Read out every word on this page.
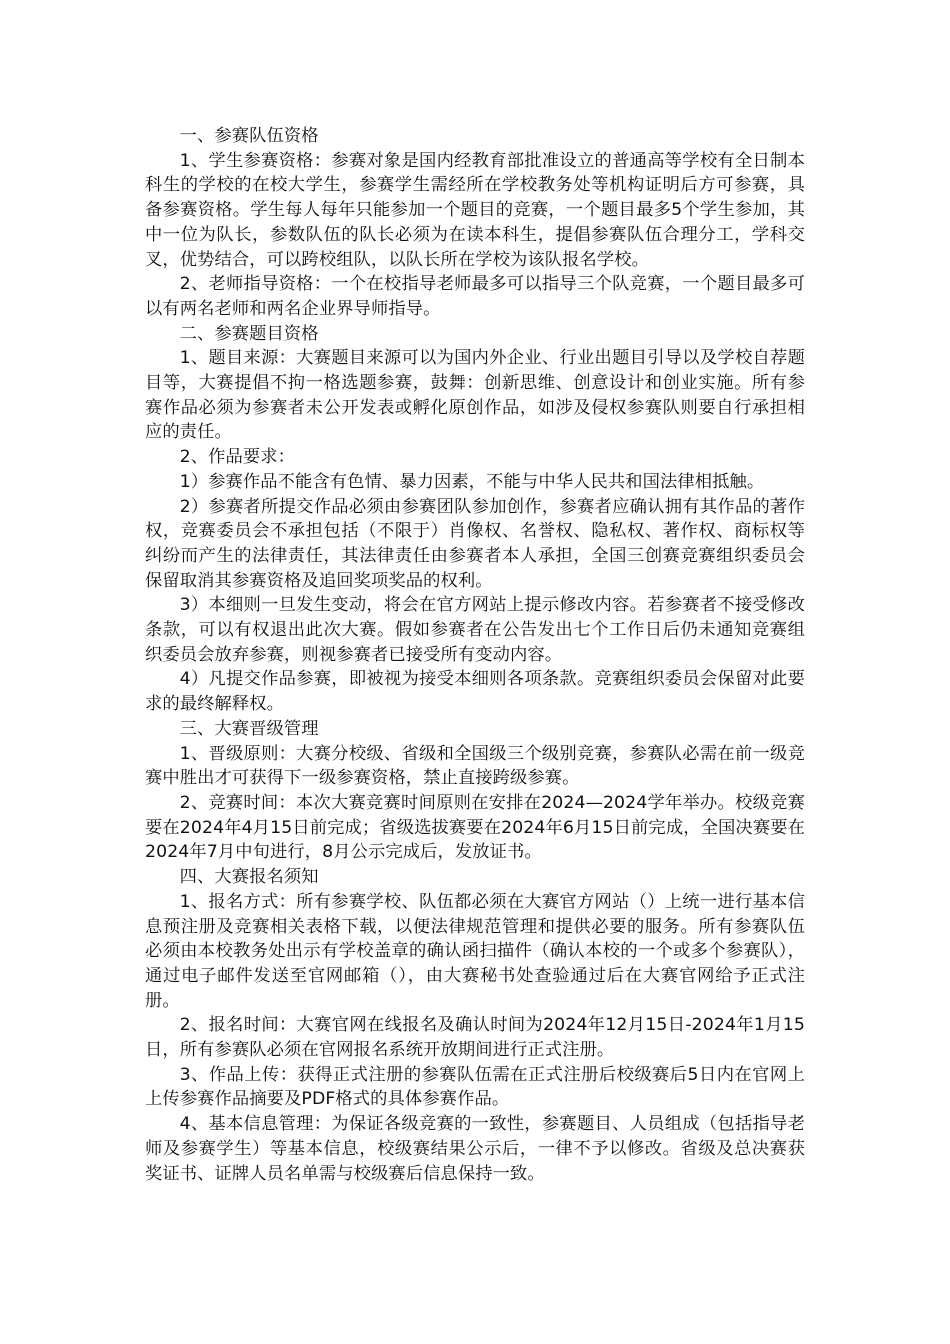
一、参赛队伍资格

1、学生参赛资格：参赛对象是国内经教育部批准设立的普通高等学校有全日制本科生的学校的在校大学生，参赛学生需经所在学校教务处等机构证明后方可参赛，具备参赛资格。学生每人每年只能参加一个题目的竞赛，一个题目最多5个学生参加，其中一位为队长，参数队伍的队长必须为在读本科生，提倡参赛队伍合理分工，学科交叉，优势结合，可以跨校组队，以队长所在学校为该队报名学校。

2、老师指导资格：一个在校指导老师最多可以指导三个队竞赛，一个题目最多可以有两名老师和两名企业界导师指导。

二、参赛题目资格

1、题目来源：大赛题目来源可以为国内外企业、行业出题目引导以及学校自荐题目等，大赛提倡不拘一格选题参赛，鼓舞：创新思维、创意设计和创业实施。所有参赛作品必须为参赛者未公开发表或孵化原创作品，如涉及侵权参赛队则要自行承担相应的责任。

2、作品要求：

1）参赛作品不能含有色情、暴力因素，不能与中华人民共和国法律相抵触。

2）参赛者所提交作品必须由参赛团队参加创作，参赛者应确认拥有其作品的著作权，竞赛委员会不承担包括（不限于）肖像权、名誉权、隐私权、著作权、商标权等纠纷而产生的法律责任，其法律责任由参赛者本人承担，全国三创赛竞赛组织委员会保留取消其参赛资格及追回奖项奖品的权利。

3）本细则一旦发生变动，将会在官方网站上提示修改内容。若参赛者不接受修改条款，可以有权退出此次大赛。假如参赛者在公告发出七个工作日后仍未通知竞赛组织委员会放弃参赛，则视参赛者已接受所有变动内容。

4）凡提交作品参赛，即被视为接受本细则各项条款。竞赛组织委员会保留对此要求的最终解释权。

三、大赛晋级管理

1、晋级原则：大赛分校级、省级和全国级三个级别竞赛，参赛队必需在前一级竞赛中胜出才可获得下一级参赛资格，禁止直接跨级参赛。

2、竞赛时间：本次大赛竞赛时间原则在安排在2024—2024学年举办。校级竞赛要在2024年4月15日前完成；省级选拔赛要在2024年6月15日前完成，全国决赛要在2024年7月中旬进行，8月公示完成后，发放证书。

四、大赛报名须知

1、报名方式：所有参赛学校、队伍都必须在大赛官方网站（）上统一进行基本信息预注册及竞赛相关表格下载，以便法律规范管理和提供必要的服务。所有参赛队伍必须由本校教务处出示有学校盖章的确认函扫描件（确认本校的一个或多个参赛队），通过电子邮件发送至官网邮箱（），由大赛秘书处查验通过后在大赛官网给予正式注册。

2、报名时间：大赛官网在线报名及确认时间为2024年12月15日-2024年1月15日，所有参赛队必须在官网报名系统开放期间进行正式注册。

3、作品上传：获得正式注册的参赛队伍需在正式注册后校级赛后5日内在官网上上传参赛作品摘要及PDF格式的具体参赛作品。

4、基本信息管理：为保证各级竞赛的一致性，参赛题目、人员组成（包括指导老师及参赛学生）等基本信息，校级赛结果公示后，一律不予以修改。省级及总决赛获奖证书、证牌人员名单需与校级赛后信息保持一致。
